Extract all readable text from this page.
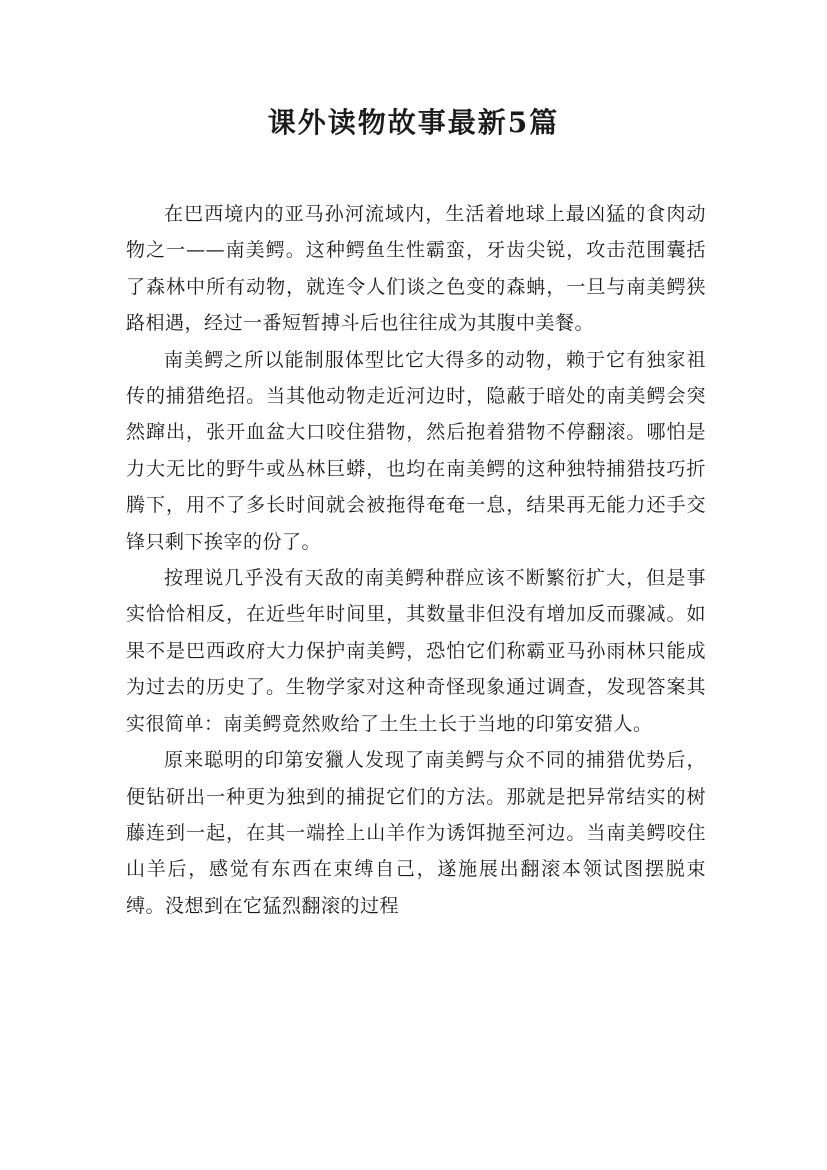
课外读物故事最新5篇

在巴西境内的亚马孙河流域内，生活着地球上最凶猛的食肉动物之一——南美鳄。这种鳄鱼生性霸蛮，牙齿尖锐，攻击范围囊括了森林中所有动物，就连令人们谈之色变的森蚺，一旦与南美鳄狭路相遇，经过一番短暂搏斗后也往往成为其腹中美餐。

南美鳄之所以能制服体型比它大得多的动物，赖于它有独家祖传的捕猎绝招。当其他动物走近河边时，隐蔽于暗处的南美鳄会突然蹿出，张开血盆大口咬住猎物，然后抱着猎物不停翻滚。哪怕是力大无比的野牛或丛林巨蟒，也均在南美鳄的这种独特捕猎技巧折腾下，用不了多长时间就会被拖得奄奄一息，结果再无能力还手交锋只剩下挨宰的份了。

按理说几乎没有天敌的南美鳄种群应该不断繁衍扩大，但是事实恰恰相反，在近些年时间里，其数量非但没有增加反而骤减。如果不是巴西政府大力保护南美鳄，恐怕它们称霸亚马孙雨林只能成为过去的历史了。生物学家对这种奇怪现象通过调查，发现答案其实很简单：南美鳄竟然败给了土生土长于当地的印第安猎人。

原来聪明的印第安獵人发现了南美鳄与众不同的捕猎优势后，便钻研出一种更为独到的捕捉它们的方法。那就是把异常结实的树藤连到一起，在其一端拴上山羊作为诱饵抛至河边。当南美鳄咬住山羊后，感觉有东西在束缚自己，遂施展出翻滚本领试图摆脱束缚。没想到在它猛烈翻滚的过程
